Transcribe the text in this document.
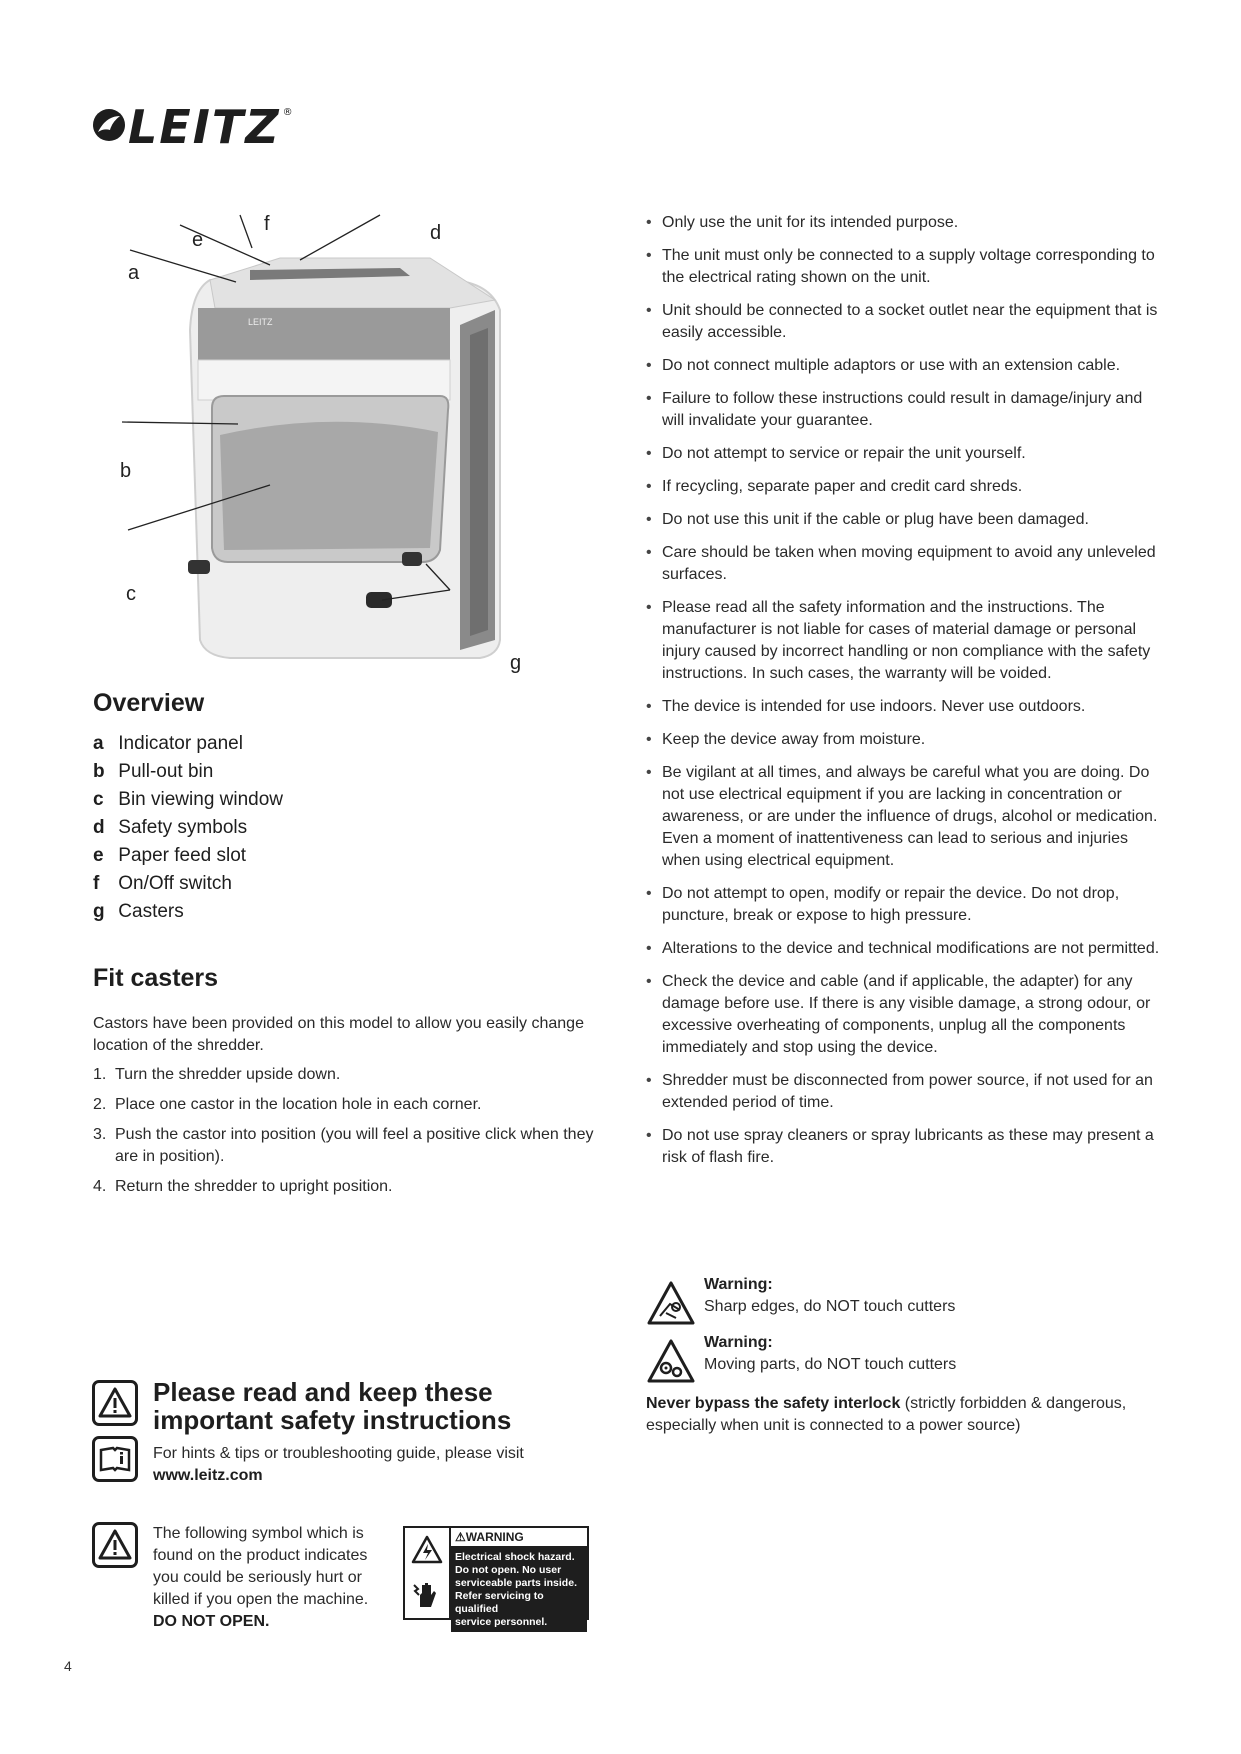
LEITZ ®
LEITZ
a
b
c
d
e
f
g
Overview
a Indicator panel
b Pull-out bin
c Bin viewing window
d Safety symbols
e Paper feed slot
f On/Off switch
g Casters
Fit casters
Castors have been provided on this model to allow you easily change location of the shredder.
1. Turn the shredder upside down.
2. Place one castor in the location hole in each corner.
3. Push the castor into position (you will feel a positive click when they are in position).
4. Return the shredder to upright position.
• Only use the unit for its intended purpose.
• The unit must only be connected to a supply voltage corresponding to the electrical rating shown on the unit.
• Unit should be connected to a socket outlet near the equipment that is easily accessible.
• Do not connect multiple adaptors or use with an extension cable.
• Failure to follow these instructions could result in damage/injury and will invalidate your guarantee.
• Do not attempt to service or repair the unit yourself.
• If recycling, separate paper and credit card shreds.
• Do not use this unit if the cable or plug have been damaged.
• Care should be taken when moving equipment to avoid any unleveled surfaces.
• Please read all the safety information and the instructions. The manufacturer is not liable for cases of material damage or personal injury caused by incorrect handling or non compliance with the safety instructions. In such cases, the warranty will be voided.
• The device is intended for use indoors. Never use outdoors.
• Keep the device away from moisture.
• Be vigilant at all times, and always be careful what you are doing. Do not use electrical equipment if you are lacking in concentration or awareness, or are under the influence of drugs, alcohol or medication. Even a moment of inattentiveness can lead to serious and injuries when using electrical equipment.
• Do not attempt to open, modify or repair the device. Do not drop, puncture, break or expose to high pressure.
• Alterations to the device and technical modifications are not permitted.
• Check the device and cable (and if applicable, the adapter) for any damage before use. If there is any visible damage, a strong odour, or excessive overheating of components, unplug all the components immediately and stop using the device.
• Shredder must be disconnected from power source, if not used for an extended period of time.
• Do not use spray cleaners or spray lubricants as these may present a risk of flash fire.
Warning:
Sharp edges, do NOT touch cutters
Warning:
Moving parts, do NOT touch cutters
Never bypass the safety interlock (strictly forbidden & dangerous, especially when unit is connected to a power source)
Please read and keep these important safety instructions
For hints & tips or troubleshooting guide, please visit
www.leitz.com
The following symbol which is found on the product indicates you could be seriously hurt or killed if you open the machine.
DO NOT OPEN.
⚠WARNING
Electrical shock hazard.
Do not open. No user
serviceable parts inside.
Refer servicing to qualified
service personnel.
4
